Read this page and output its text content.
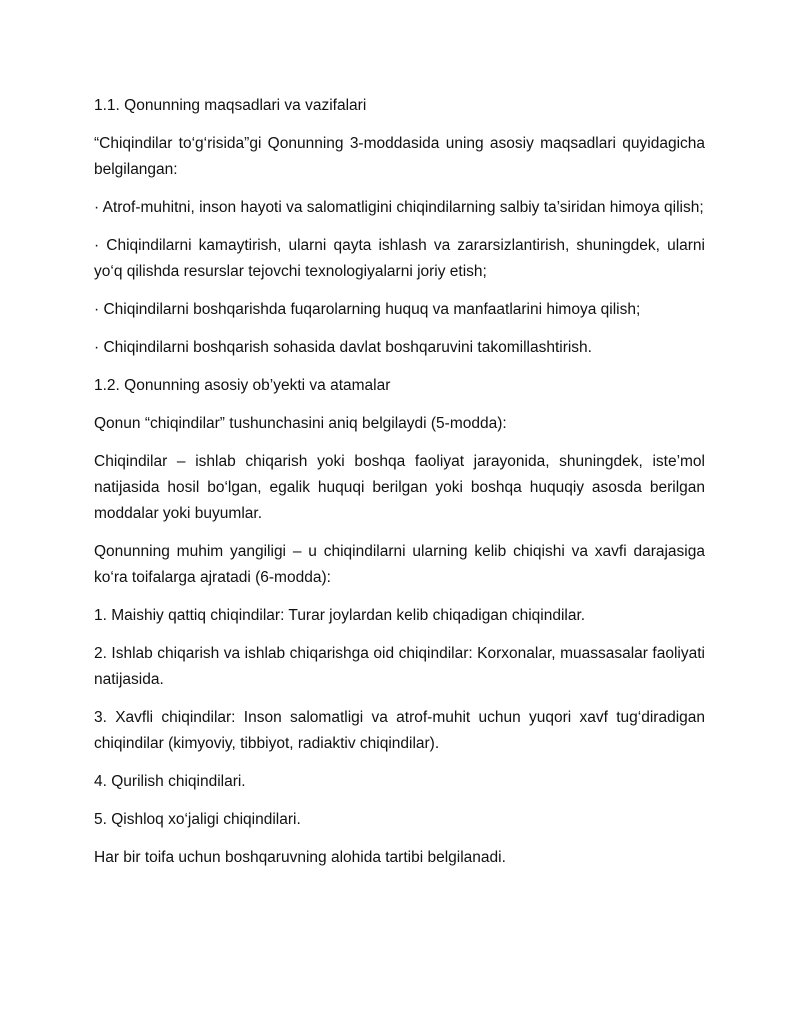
1.1. Qonunning maqsadlari va vazifalari

“Chiqindilar to‘g‘risida”gi Qonunning 3-moddasida uning asosiy maqsadlari quyidagicha belgilangan:

· Atrof-muhitni, inson hayoti va salomatligini chiqindilarning salbiy ta’siridan himoya qilish;

· Chiqindilarni kamaytirish, ularni qayta ishlash va zararsizlantirish, shuningdek, ularni yo‘q qilishda resurslar tejovchi texnologiyalarni joriy etish;

· Chiqindilarni boshqarishda fuqarolarning huquq va manfaatlarini himoya qilish;

· Chiqindilarni boshqarish sohasida davlat boshqaruvini takomillashtirish.

1.2. Qonunning asosiy ob’yekti va atamalar

Qonun “chiqindilar” tushunchasini aniq belgilaydi (5-modda):

Chiqindilar – ishlab chiqarish yoki boshqa faoliyat jarayonida, shuningdek, iste’mol natijasida hosil bo‘lgan, egalik huquqi berilgan yoki boshqa huquqiy asosda berilgan moddalar yoki buyumlar.

Qonunning muhim yangiligi – u chiqindilarni ularning kelib chiqishi va xavfi darajasiga ko‘ra toifalarga ajratadi (6-modda):

1. Maishiy qattiq chiqindilar: Turar joylardan kelib chiqadigan chiqindilar.

2. Ishlab chiqarish va ishlab chiqarishga oid chiqindilar: Korxonalar, muassasalar faoliyati natijasida.

3. Xavfli chiqindilar: Inson salomatligi va atrof-muhit uchun yuqori xavf tug‘diradigan chiqindilar (kimyoviy, tibbiyot, radiaktiv chiqindilar).

4. Qurilish chiqindilari.

5. Qishloq xo‘jaligi chiqindilari.

Har bir toifa uchun boshqaruvning alohida tartibi belgilanadi.
